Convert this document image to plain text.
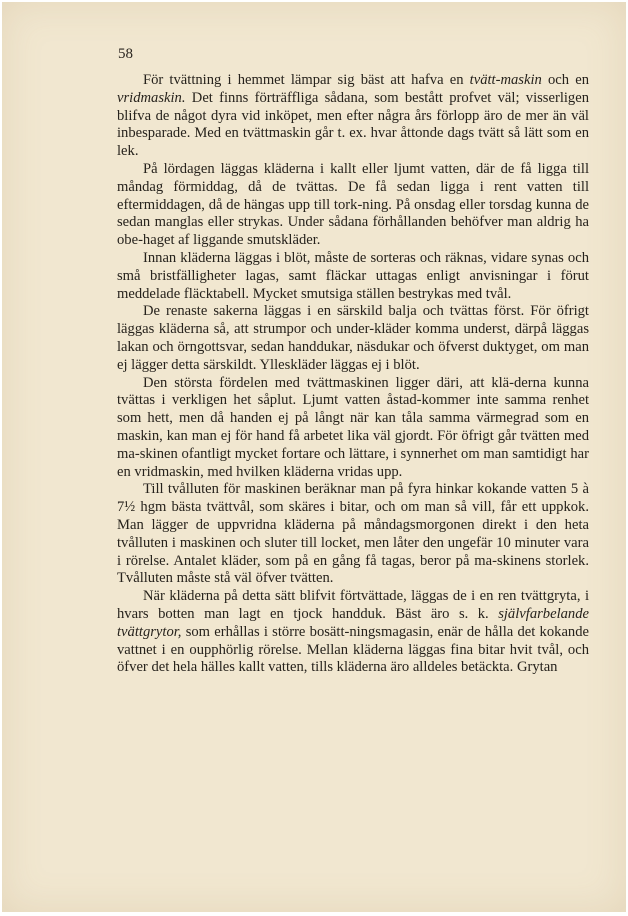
58

För tvättning i hemmet lämpar sig bäst att hafva en tvätt-maskin och en vridmaskin. Det finns förträffliga sådana, som bestått profvet väl; visserligen blifva de något dyra vid inköpet, men efter några års förlopp äro de mer än väl inbesparade. Med en tvättmaskin går t. ex. hvar åttonde dags tvätt så lätt som en lek.

På lördagen läggas kläderna i kallt eller ljumt vatten, där de få ligga till måndag förmiddag, då de tvättas. De få sedan ligga i rent vatten till eftermiddagen, då de hängas upp till tork-ning. På onsdag eller torsdag kunna de sedan manglas eller strykas. Under sådana förhållanden behöfver man aldrig ha obe-haget af liggande smutskläder.

Innan kläderna läggas i blöt, måste de sorteras och räknas, vidare synas och små bristfälligheter lagas, samt fläckar uttagas enligt anvisningar i förut meddelade fläcktabell. Mycket smutsiga ställen bestrykas med tvål.

De renaste sakerna läggas i en särskild balja och tvättas först. För öfrigt läggas kläderna så, att strumpor och under-kläder komma underst, därpå läggas lakan och örngottsvar, sedan handdukar, näsdukar och öfverst duktyget, om man ej lägger detta särskildt. Ylleskläder läggas ej i blöt.

Den största fördelen med tvättmaskinen ligger däri, att klä-derna kunna tvättas i verkligen het såplut. Ljumt vatten åstad-kommer inte samma renhet som hett, men då handen ej på långt när kan tåla samma värmegrad som en maskin, kan man ej för hand få arbetet lika väl gjordt. För öfrigt går tvätten med ma-skinen ofantligt mycket fortare och lättare, i synnerhet om man samtidigt har en vridmaskin, med hvilken kläderna vridas upp.

Till tvålluten för maskinen beräknar man på fyra hinkar kokande vatten 5 à 7½ hgm bästa tvättvål, som skäres i bitar, och om man så vill, får ett uppkok. Man lägger de uppvridna kläderna på måndagsmorgonen direkt i den heta tvålluten i maskinen och sluter till locket, men låter den ungefär 10 minuter vara i rörelse. Antalet kläder, som på en gång få tagas, beror på ma-skinens storlek. Tvålluten måste stå väl öfver tvätten.

När kläderna på detta sätt blifvit förtvättade, läggas de i en ren tvättgryta, i hvars botten man lagt en tjock handduk. Bäst äro s. k. självfarbelande tvättgrytor, som erhållas i större bosätt-ningsmagasin, enär de hålla det kokande vattnet i en oupphörlig rörelse. Mellan kläderna läggas fina bitar hvit tvål, och öfver det hela hälles kallt vatten, tills kläderna äro alldeles betäckta. Grytan
